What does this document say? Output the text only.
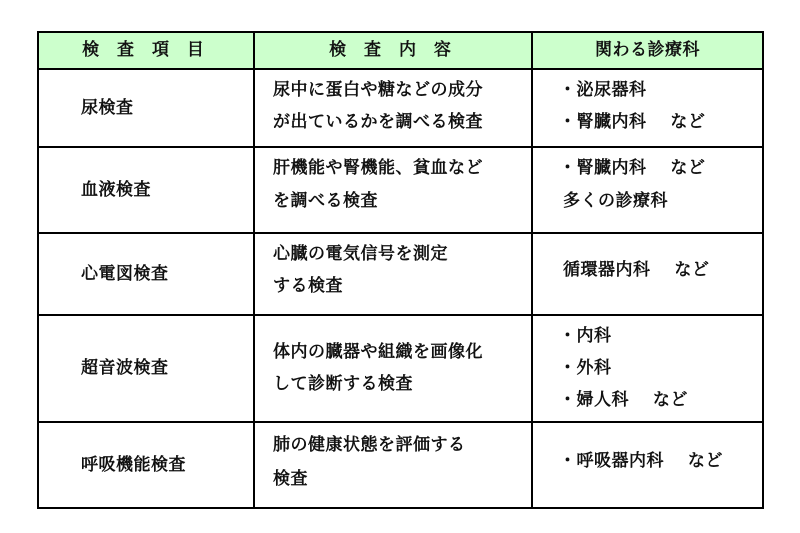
検 査 項 目	検 査 内 容	関わる診療科
尿検査
尿中に蛋白や糖などの成分
が出ているかを調べる検査
・泌尿器科
・腎臓内科　 など
血液検査
肝機能や腎機能、貧血など
を調べる検査
・腎臓内科　 など
多くの診療科
心電図検査
心臓の電気信号を測定
する検査
循環器内科　 など
超音波検査
体内の臓器や組織を画像化
して診断する検査
・内科
・外科
・婦人科　 など
呼吸機能検査
肺の健康状態を評価する
検査
・呼吸器内科　 など
